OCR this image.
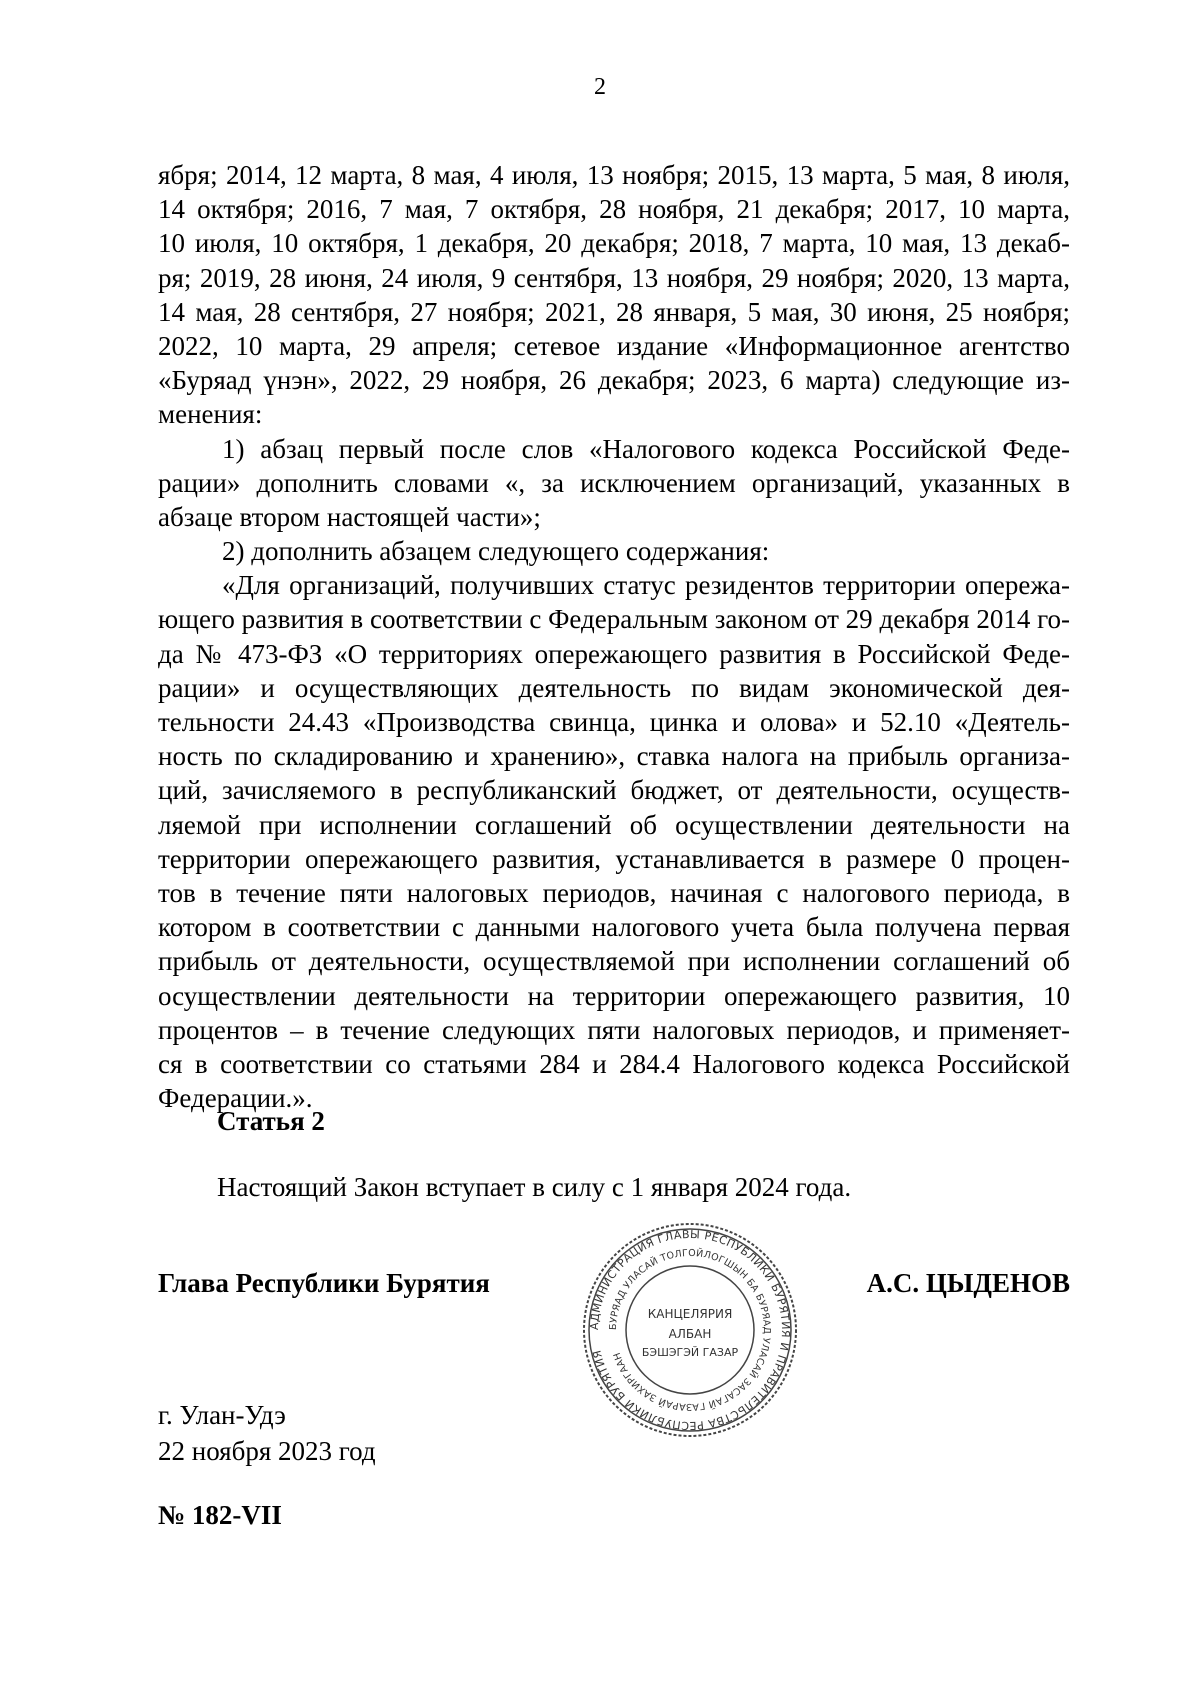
2
ября; 2014, 12 марта, 8 мая, 4 июля, 13 ноября; 2015, 13 марта, 5 мая, 8 июля,
14 октября; 2016, 7 мая, 7 октября, 28 ноября, 21 декабря; 2017, 10 марта,
10 июля, 10 октября, 1 декабря, 20 декабря; 2018, 7 марта, 10 мая, 13 декаб-
ря; 2019, 28 июня, 24 июля, 9 сентября, 13 ноября, 29 ноября; 2020, 13 марта,
14 мая, 28 сентября, 27 ноября; 2021, 28 января, 5 мая, 30 июня, 25 ноября;
2022, 10 марта, 29 апреля; сетевое издание «Информационное агентство
«Буряад үнэн», 2022, 29 ноября, 26 декабря; 2023, 6 марта) следующие из-
менения:
1) абзац первый после слов «Налогового кодекса Российской Феде-
рации» дополнить словами «, за исключением организаций, указанных в
абзаце втором настоящей части»;
2) дополнить абзацем следующего содержания:
«Для организаций, получивших статус резидентов территории опережа-
ющего развития в соответствии с Федеральным законом от 29 декабря 2014 го-
да № 473-ФЗ «О территориях опережающего развития в Российской Феде-
рации» и осуществляющих деятельность по видам экономической дея-
тельности 24.43 «Производства свинца, цинка и олова» и 52.10 «Деятель-
ность по складированию и хранению», ставка налога на прибыль организа-
ций, зачисляемого в республиканский бюджет, от деятельности, осуществ-
ляемой при исполнении соглашений об осуществлении деятельности на
территории опережающего развития, устанавливается в размере 0 процен-
тов в течение пяти налоговых периодов, начиная с налогового периода, в
котором в соответствии с данными налогового учета была получена первая
прибыль от деятельности, осуществляемой при исполнении соглашений об
осуществлении деятельности на территории опережающего развития, 10
процентов – в течение следующих пяти налоговых периодов, и применяет-
ся в соответствии со статьями 284 и 284.4 Налогового кодекса Российской
Федерации.».
Статья 2
Настоящий Закон вступает в силу с 1 января 2024 года.
Глава Республики Бурятия
АДМИНИСТРАЦИЯ ГЛАВЫ РЕСПУБЛИКИ БУРЯТИЯ И ПРАВИТЕЛЬСТВА РЕСПУБЛИКИ БУРЯТИЯ
БУРЯАД УЛАСАЙ ТОЛГОЙЛОГШЫН БА БУРЯАД УЛАСАЙ ЗАСАГАЙ ГАЗАРАЙ ЗАХИРГААН
КАНЦЕЛЯРИЯ
АЛБАН
БЭШЭГЭЙ ГАЗАР
А.С. ЦЫДЕНОВ
г. Улан-Удэ
22 ноября 2023 год
№ 182-VII
